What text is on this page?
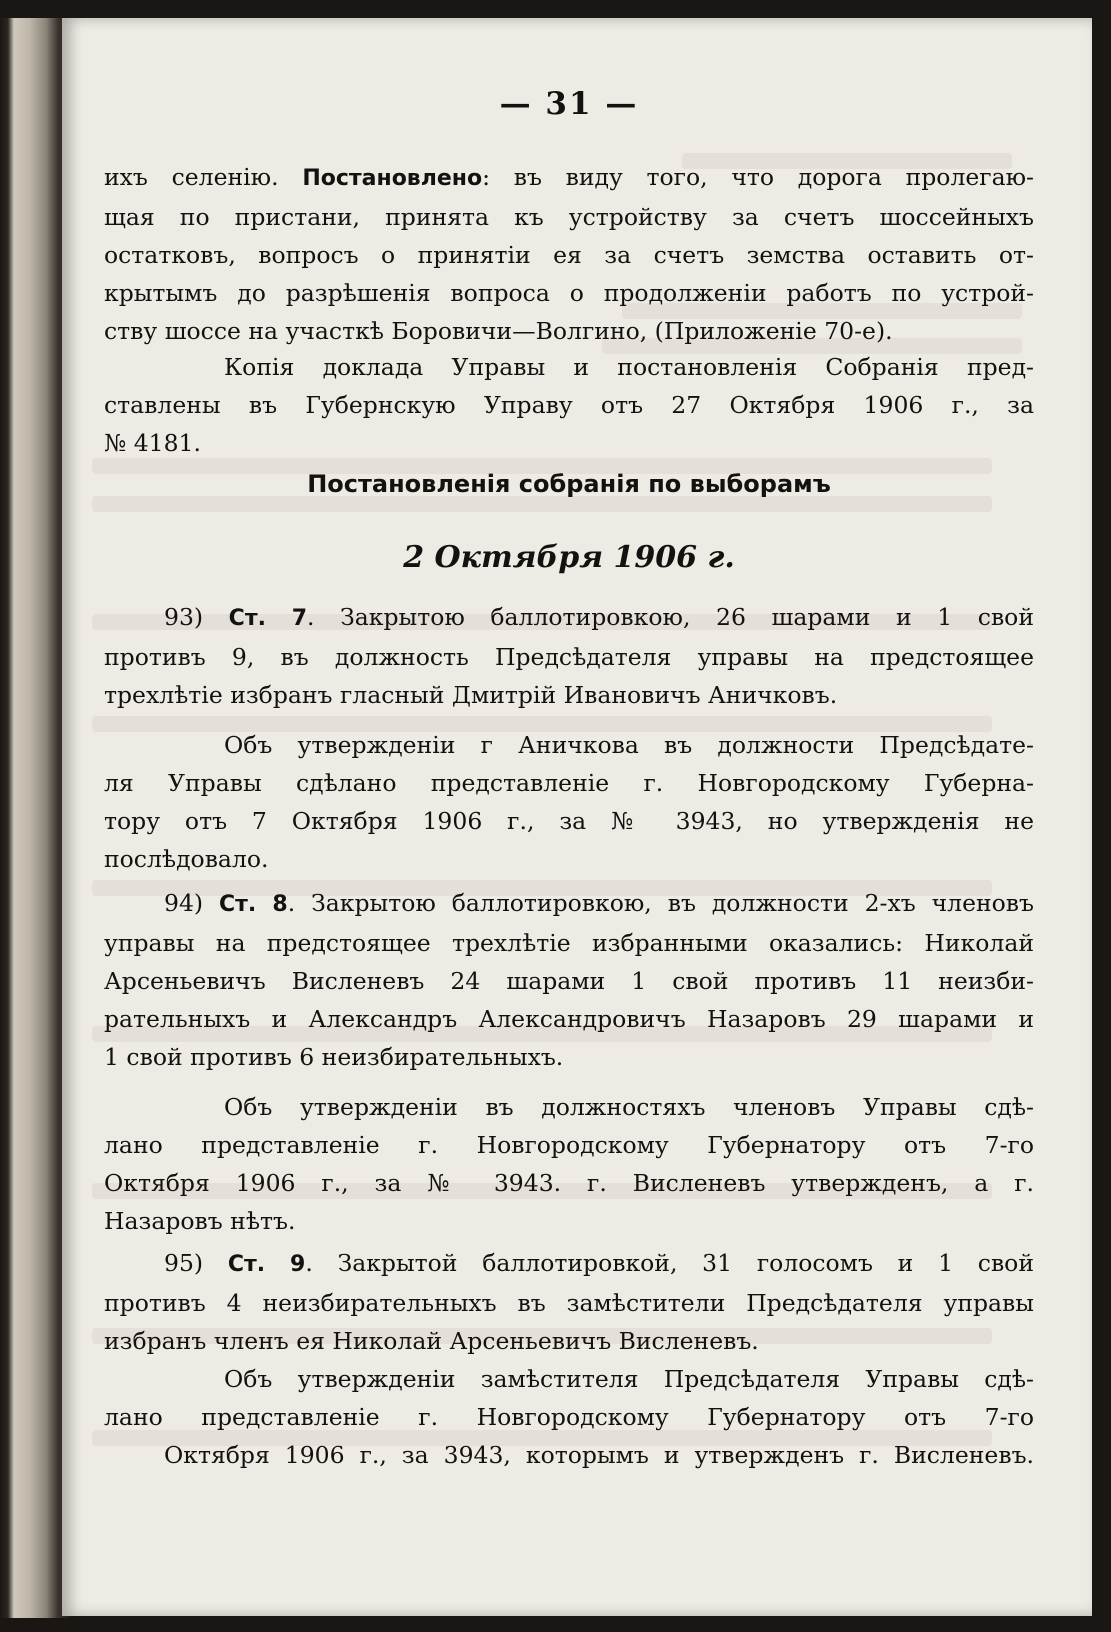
— 31 —
ихъ селенію. Постановлено: въ виду того, что дорога пролегаю-
щая по пристани, принята къ устройству за счетъ шоссейныхъ
остатковъ, вопросъ о принятіи ея за счетъ земства оставить от-
крытымъ до разрѣшенія вопроса о продолженіи работъ по устрой-
ству шоссе на участкѣ Боровичи—Волгино, (Приложеніе 70-е).
Копія доклада Управы и постановленія Собранія пред-
ставлены въ Губернскую Управу отъ 27 Октября 1906 г., за
№ 4181.
Постановленія собранія по выборамъ
2 Октября 1906 г.
93) Ст. 7. Закрытою баллотировкою, 26 шарами и 1 свой
противъ 9, въ должность Предсѣдателя управы на предстоящее
трехлѣтіе избранъ гласный Дмитрій Ивановичъ Аничковъ.
Объ утвержденіи г Аничкова въ должности Предсѣдате-
ля Управы сдѣлано представленіе г. Новгородскому Губерна-
тору отъ 7 Октября 1906 г., за № 3943, но утвержденія не
послѣдовало.
94) Ст. 8. Закрытою баллотировкою, въ должности 2-хъ членовъ
управы на предстоящее трехлѣтіе избранными оказались: Николай
Арсеньевичъ Висленевъ 24 шарами 1 свой противъ 11 неизби-
рательныхъ и Александръ Александровичъ Назаровъ 29 шарами и
1 свой противъ 6 неизбирательныхъ.
Объ утвержденіи въ должностяхъ членовъ Управы сдѣ-
лано представленіе г. Новгородскому Губернатору отъ 7-го
Октября 1906 г., за № 3943. г. Висленевъ утвержденъ, а г.
Назаровъ нѣтъ.
95) Ст. 9. Закрытой баллотировкой, 31 голосомъ и 1 свой
противъ 4 неизбирательныхъ въ замѣстители Предсѣдателя управы
избранъ членъ ея Николай Арсеньевичъ Висленевъ.
Объ утвержденіи замѣстителя Предсѣдателя Управы сдѣ-
лано представленіе г. Новгородскому Губернатору отъ 7-го
Октября 1906 г., за 3943, которымъ и утвержденъ г. Висленевъ.
